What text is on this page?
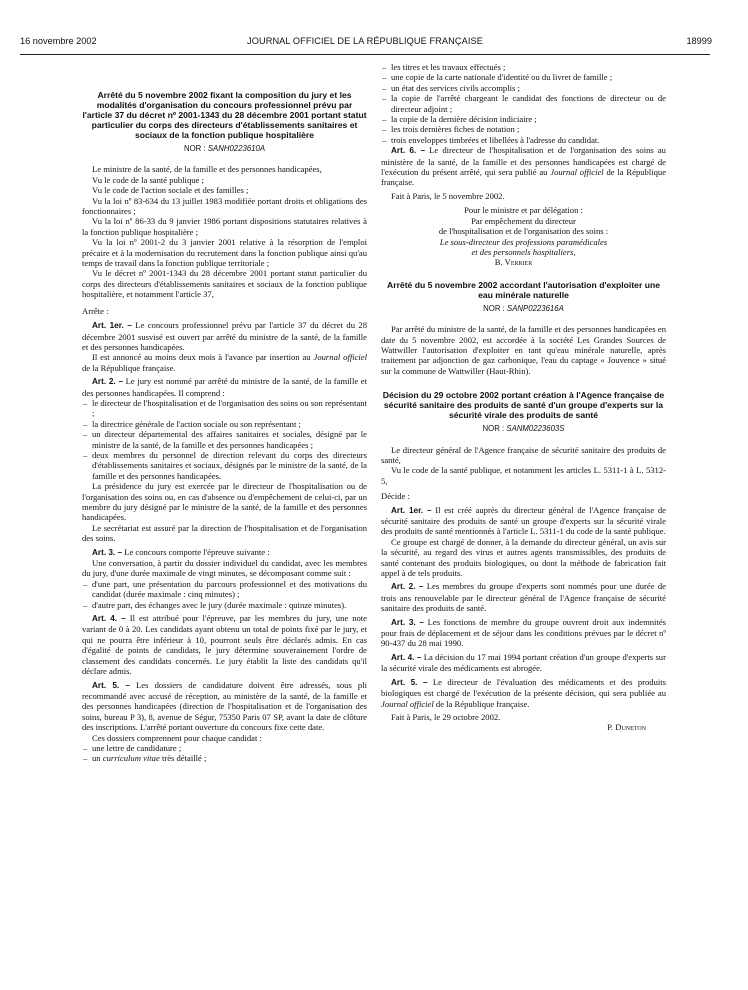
16 novembre 2002	JOURNAL OFFICIEL DE LA RÉPUBLIQUE FRANÇAISE	18999
Arrêté du 5 novembre 2002 fixant la composition du jury et les modalités d'organisation du concours professionnel prévu par l'article 37 du décret nº 2001-1343 du 28 décembre 2001 portant statut particulier du corps des directeurs d'établissements sanitaires et sociaux de la fonction publique hospitalière
NOR : SANH0223610A

Le ministre de la santé, de la famille et des personnes handicapées,

Vu le code de la santé publique ;

Vu le code de l'action sociale et des familles ;

Vu la loi nº 83-634 du 13 juillet 1983 modifiée portant droits et obligations des fonctionnaires ;

Vu la loi nº 86-33 du 9 janvier 1986 portant dispositions statutaires relatives à la fonction publique hospitalière ;

Vu la loi nº 2001-2 du 3 janvier 2001 relative à la résorption de l'emploi précaire et à la modernisation du recrutement dans la fonction publique ainsi qu'au temps de travail dans la fonction publique territoriale ;

Vu le décret nº 2001-1343 du 28 décembre 2001 portant statut particulier du corps des directeurs d'établissements sanitaires et sociaux de la fonction publique hospitalière, et notamment l'article 37,

Arrête :

Art. 1er. – Le concours professionnel prévu par l'article 37 du décret du 28 décembre 2001 susvisé est ouvert par arrêté du ministre de la santé, de la famille et des personnes handicapées.

Il est annoncé au moins deux mois à l'avance par insertion au Journal officiel de la République française.

Art. 2. – Le jury est nommé par arrêté du ministre de la santé, de la famille et des personnes handicapées. Il comprend :

– le directeur de l'hospitalisation et de l'organisation des soins ou son représentant ;
– la directrice générale de l'action sociale ou son représentant ;
– un directeur départemental des affaires sanitaires et sociales, désigné par le ministre de la santé, de la famille et des personnes handicapées ;
– deux membres du personnel de direction relevant du corps des directeurs d'établissements sanitaires et sociaux, désignés par le ministre de la santé, de la famille et des personnes handicapées.

La présidence du jury est exercée par le directeur de l'hospitalisation ou de l'organisation des soins ou, en cas d'absence ou d'empêchement de celui-ci, par un membre du jury désigné par le ministre de la santé, de la famille et des personnes handicapées.

Le secrétariat est assuré par la direction de l'hospitalisation et de l'organisation des soins.

Art. 3. – Le concours comporte l'épreuve suivante :

Une conversation, à partir du dossier individuel du candidat, avec les membres du jury, d'une durée maximale de vingt minutes, se décomposant comme suit :

– d'une part, une présentation du parcours professionnel et des motivations du candidat (durée maximale : cinq minutes) ;
– d'autre part, des échanges avec le jury (durée maximale : quinze minutes).

Art. 4. – Il est attribué pour l'épreuve, par les membres du jury, une note variant de 0 à 20. Les candidats ayant obtenu un total de points fixé par le jury, et qui ne pourra être inférieur à 10, pourront seuls être déclarés admis. En cas d'égalité de points de candidats, le jury détermine souverainement l'ordre de classement des candidats concernés. Le jury établit la liste des candidats qu'il déclare admis.

Art. 5. – Les dossiers de candidature doivent être adressés, sous pli recommandé avec accusé de réception, au ministère de la santé, de la famille et des personnes handicapées (direction de l'hospitalisation et de l'organisation des soins, bureau P 3), 8, avenue de Ségur, 75350 Paris 07 SP, avant la date de clôture des inscriptions. L'arrêté portant ouverture du concours fixe cette date.

Ces dossiers comprennent pour chaque candidat :

– une lettre de candidature ;
– un curriculum vitae très détaillé ;
– les titres et les travaux effectués ;
– une copie de la carte nationale d'identité ou du livret de famille ;
– un état des services civils accomplis ;
– la copie de l'arrêté chargeant le candidat des fonctions de directeur ou de directeur adjoint ;
– la copie de la dernière décision indiciaire ;
– les trois dernières fiches de notation ;
– trois enveloppes timbrées et libellées à l'adresse du candidat.

Art. 6. – Le directeur de l'hospitalisation et de l'organisation des soins au ministère de la santé, de la famille et des personnes handicapées est chargé de l'exécution du présent arrêté, qui sera publié au Journal officiel de la République française.

Fait à Paris, le 5 novembre 2002.

Pour le ministre et par délégation :
Par empêchement du directeur
de l'hospitalisation et de l'organisation des soins :
Le sous-directeur des professions paramédicales
et des personnels hospitaliers,
B. Verrier
Arrêté du 5 novembre 2002 accordant l'autorisation d'exploiter une eau minérale naturelle
NOR : SANP0223616A

Par arrêté du ministre de la santé, de la famille et des personnes handicapées en date du 5 novembre 2002, est accordée à la société Les Grandes Sources de Wattwiller l'autorisation d'exploiter en tant qu'eau minérale naturelle, après traitement par adjonction de gaz carbonique, l'eau du captage « Jouvence » situé sur la commune de Wattwiller (Haut-Rhin).

Décision du 29 octobre 2002 portant création à l'Agence française de sécurité sanitaire des produits de santé d'un groupe d'experts sur la sécurité virale des produits de santé
NOR : SANM0223603S

Le directeur général de l'Agence française de sécurité sanitaire des produits de santé,

Vu le code de la santé publique, et notamment les articles L. 5311-1 à L. 5312-5,

Décide :

Art. 1er. – Il est créé auprès du directeur général de l'Agence française de sécurité sanitaire des produits de santé un groupe d'experts sur la sécurité virale des produits de santé mentionnés à l'article L. 5311-1 du code de la santé publique.

Ce groupe est chargé de donner, à la demande du directeur général, un avis sur la sécurité, au regard des virus et autres agents transmissibles, des produits de santé contenant des produits biologiques, ou dont la méthode de fabrication fait appel à de tels produits.

Art. 2. – Les membres du groupe d'experts sont nommés pour une durée de trois ans renouvelable par le directeur général de l'Agence française de sécurité sanitaire des produits de santé.

Art. 3. – Les fonctions de membre du groupe ouvrent droit aux indemnités pour frais de déplacement et de séjour dans les conditions prévues par le décret nº 90-437 du 28 mai 1990.

Art. 4. – La décision du 17 mai 1994 portant création d'un groupe d'experts sur la sécurité virale des médicaments est abrogée.

Art. 5. – Le directeur de l'évaluation des médicaments et des produits biologiques est chargé de l'exécution de la présente décision, qui sera publiée au Journal officiel de la République française.

Fait à Paris, le 29 octobre 2002.

P. Duneton
